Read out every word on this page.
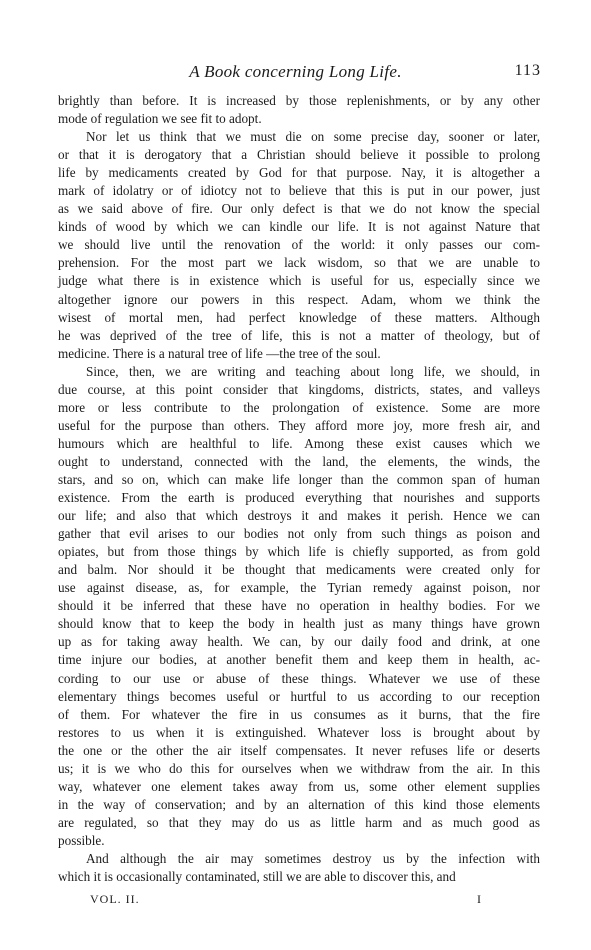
A Book concerning Long Life.	113
brightly than before. It is increased by those replenishments, or by any other
mode of regulation we see fit to adopt.
Nor let us think that we must die on some precise day, sooner or later,
or that it is derogatory that a Christian should believe it possible to prolong
life by medicaments created by God for that purpose. Nay, it is altogether a
mark of idolatry or of idiotcy not to believe that this is put in our power, just
as we said above of fire. Our only defect is that we do not know the special
kinds of wood by which we can kindle our life. It is not against Nature that
we should live until the renovation of the world: it only passes our com-
prehension. For the most part we lack wisdom, so that we are unable to
judge what there is in existence which is useful for us, especially since we
altogether ignore our powers in this respect. Adam, whom we think the
wisest of mortal men, had perfect knowledge of these matters. Although
he was deprived of the tree of life, this is not a matter of theology, but of
medicine. There is a natural tree of life —the tree of the soul.
Since, then, we are writing and teaching about long life, we should, in
due course, at this point consider that kingdoms, districts, states, and valleys
more or less contribute to the prolongation of existence. Some are more
useful for the purpose than others. They afford more joy, more fresh air, and
humours which are healthful to life. Among these exist causes which we
ought to understand, connected with the land, the elements, the winds, the
stars, and so on, which can make life longer than the common span of human
existence. From the earth is produced everything that nourishes and supports
our life; and also that which destroys it and makes it perish. Hence we can
gather that evil arises to our bodies not only from such things as poison and
opiates, but from those things by which life is chiefly supported, as from gold
and balm. Nor should it be thought that medicaments were created only for
use against disease, as, for example, the Tyrian remedy against poison, nor
should it be inferred that these have no operation in healthy bodies. For we
should know that to keep the body in health just as many things have grown
up as for taking away health. We can, by our daily food and drink, at one
time injure our bodies, at another benefit them and keep them in health, ac-
cording to our use or abuse of these things. Whatever we use of these
elementary things becomes useful or hurtful to us according to our reception
of them. For whatever the fire in us consumes as it burns, that the fire
restores to us when it is extinguished. Whatever loss is brought about by
the one or the other the air itself compensates. It never refuses life or deserts
us; it is we who do this for ourselves when we withdraw from the air. In this
way, whatever one element takes away from us, some other element supplies
in the way of conservation; and by an alternation of this kind those elements
are regulated, so that they may do us as little harm and as much good as
possible.
And although the air may sometimes destroy us by the infection with
which it is occasionally contaminated, still we are able to discover this, and
VOL. II.	I
